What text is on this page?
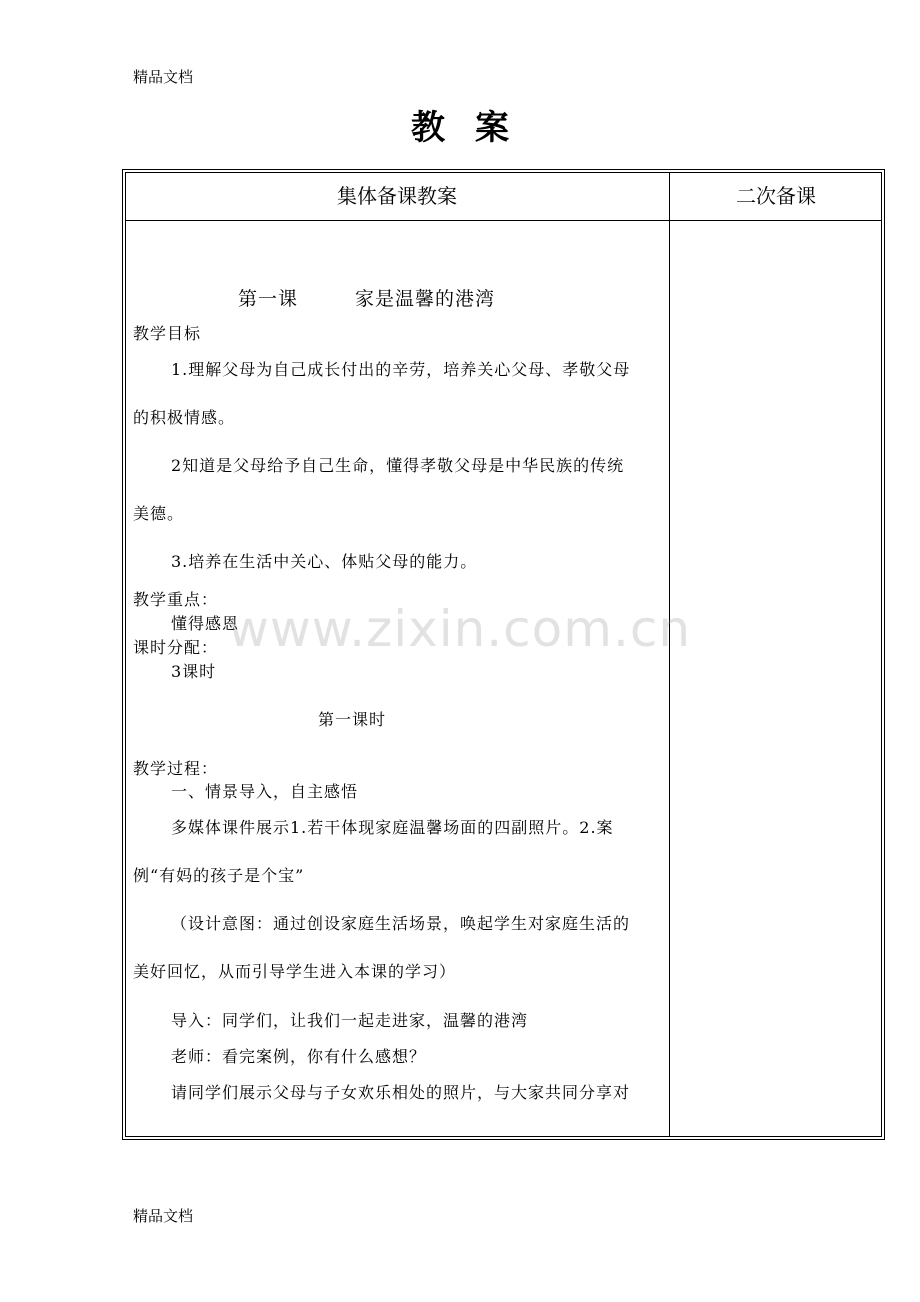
精品文档
教案
集体备课教案	二次备课
第一课	家是温馨的港湾
教学目标
1.理解父母为自己成长付出的辛劳，培养关心父母、孝敬父母
的积极情感。
2知道是父母给予自己生命，懂得孝敬父母是中华民族的传统
美德。
3.培养在生活中关心、体贴父母的能力。
教学重点：
懂得感恩
课时分配：
3课时
第一课时
教学过程：
一、情景导入，自主感悟
多媒体课件展示1.若干体现家庭温馨场面的四副照片。2.案
例“有妈的孩子是个宝”
（设计意图：通过创设家庭生活场景，唤起学生对家庭生活的
美好回忆，从而引导学生进入本课的学习）
导入：同学们，让我们一起走进家，温馨的港湾
老师：看完案例，你有什么感想？
请同学们展示父母与子女欢乐相处的照片，与大家共同分享对
www.zixin.com.cn
精品文档
